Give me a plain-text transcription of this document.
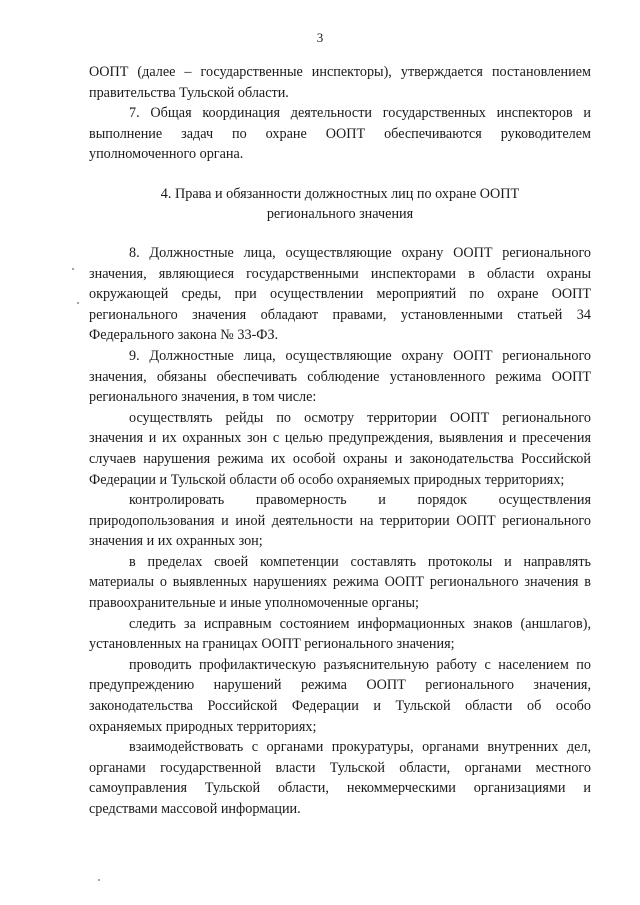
3

ООПТ (далее – государственные инспекторы), утверждается постановлением правительства Тульской области.

7. Общая координация деятельности государственных инспекторов и выполнение задач по охране ООПТ обеспечиваются руководителем уполномоченного органа.

4. Права и обязанности должностных лиц по охране ООПТ
регионального значения

8. Должностные лица, осуществляющие охрану ООПТ регионального значения, являющиеся государственными инспекторами в области охраны окружающей среды, при осуществлении мероприятий по охране ООПТ регионального значения обладают правами, установленными статьей 34 Федерального закона № 33-ФЗ.

9. Должностные лица, осуществляющие охрану ООПТ регионального значения, обязаны обеспечивать соблюдение установленного режима ООПТ регионального значения, в том числе:

осуществлять рейды по осмотру территории ООПТ регионального значения и их охранных зон с целью предупреждения, выявления и пресечения случаев нарушения режима их особой охраны и законодательства Российской Федерации и Тульской области об особо охраняемых природных территориях;

контролировать правомерность и порядок осуществления природопользования и иной деятельности на территории ООПТ регионального значения и их охранных зон;

в пределах своей компетенции составлять протоколы и направлять материалы о выявленных нарушениях режима ООПТ регионального значения в правоохранительные и иные уполномоченные органы;

следить за исправным состоянием информационных знаков (аншлагов), установленных на границах ООПТ регионального значения;

проводить профилактическую разъяснительную работу с населением по предупреждению нарушений режима ООПТ регионального значения, законодательства Российской Федерации и Тульской области об особо охраняемых природных территориях;

взаимодействовать с органами прокуратуры, органами внутренних дел, органами государственной власти Тульской области, органами местного самоуправления Тульской области, некоммерческими организациями и средствами массовой информации.
